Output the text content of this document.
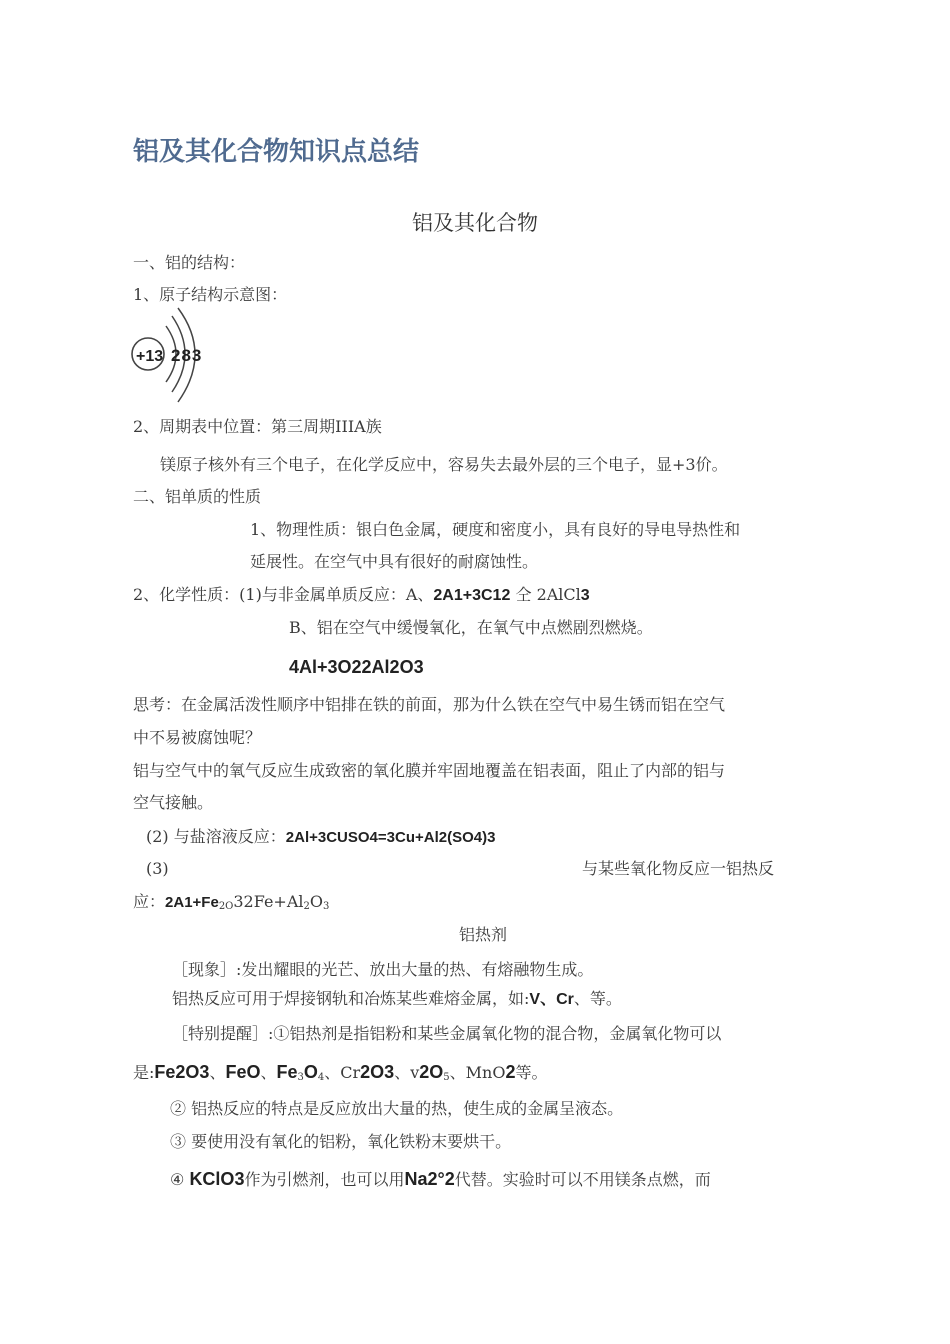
铝及其化合物知识点总结
铝及其化合物
一、铝的结构：
1、原子结构示意图：
+13 283
2、周期表中位置：第三周期IIIA族
镁原子核外有三个电子，在化学反应中，容易失去最外层的三个电子，显+3价。
二、铝单质的性质
1、物理性质：银白色金属，硬度和密度小，具有良好的导电导热性和
延展性。在空气中具有很好的耐腐蚀性。
2、化学性质：(1)与非金属单质反应：A、2A1+3C12 仝 2AlCl3
B、铝在空气中缓慢氧化，在氧气中点燃剧烈燃烧。
4Al+3O22Al2O3
思考：在金属活泼性顺序中铝排在铁的前面，那为什么铁在空气中易生锈而铝在空气
中不易被腐蚀呢？
铝与空气中的氧气反应生成致密的氧化膜并牢固地覆盖在铝表面，阻止了内部的铝与
空气接触。
(2) 与盐溶液反应：2Al+3CUSO4=3Cu+Al2(SO4)3
(3)	与某些氧化物反应一铝热反
应：$2A1+Fe_{2O}32Fe+Al_2O_3$
铝热剂
［现象］:发出耀眼的光芒、放出大量的热、有熔融物生成。
铝热反应可用于焊接钢轨和冶炼某些难熔金属，如:V、Cr、等。
［特别提醒］:①铝热剂是指铝粉和某些金属氧化物的混合物，金属氧化物可以
是:Fe2O3、FeO、$Fe_3O_4$、Cr2O3、$v2O_5$、MnO2等。
② 铝热反应的特点是反应放出大量的热，使生成的金属呈液态。
③ 要使用没有氧化的铝粉，氧化铁粉末要烘干。
④ KClO3作为引燃剂，也可以用Na2°2代替。实验时可以不用镁条点燃，而
